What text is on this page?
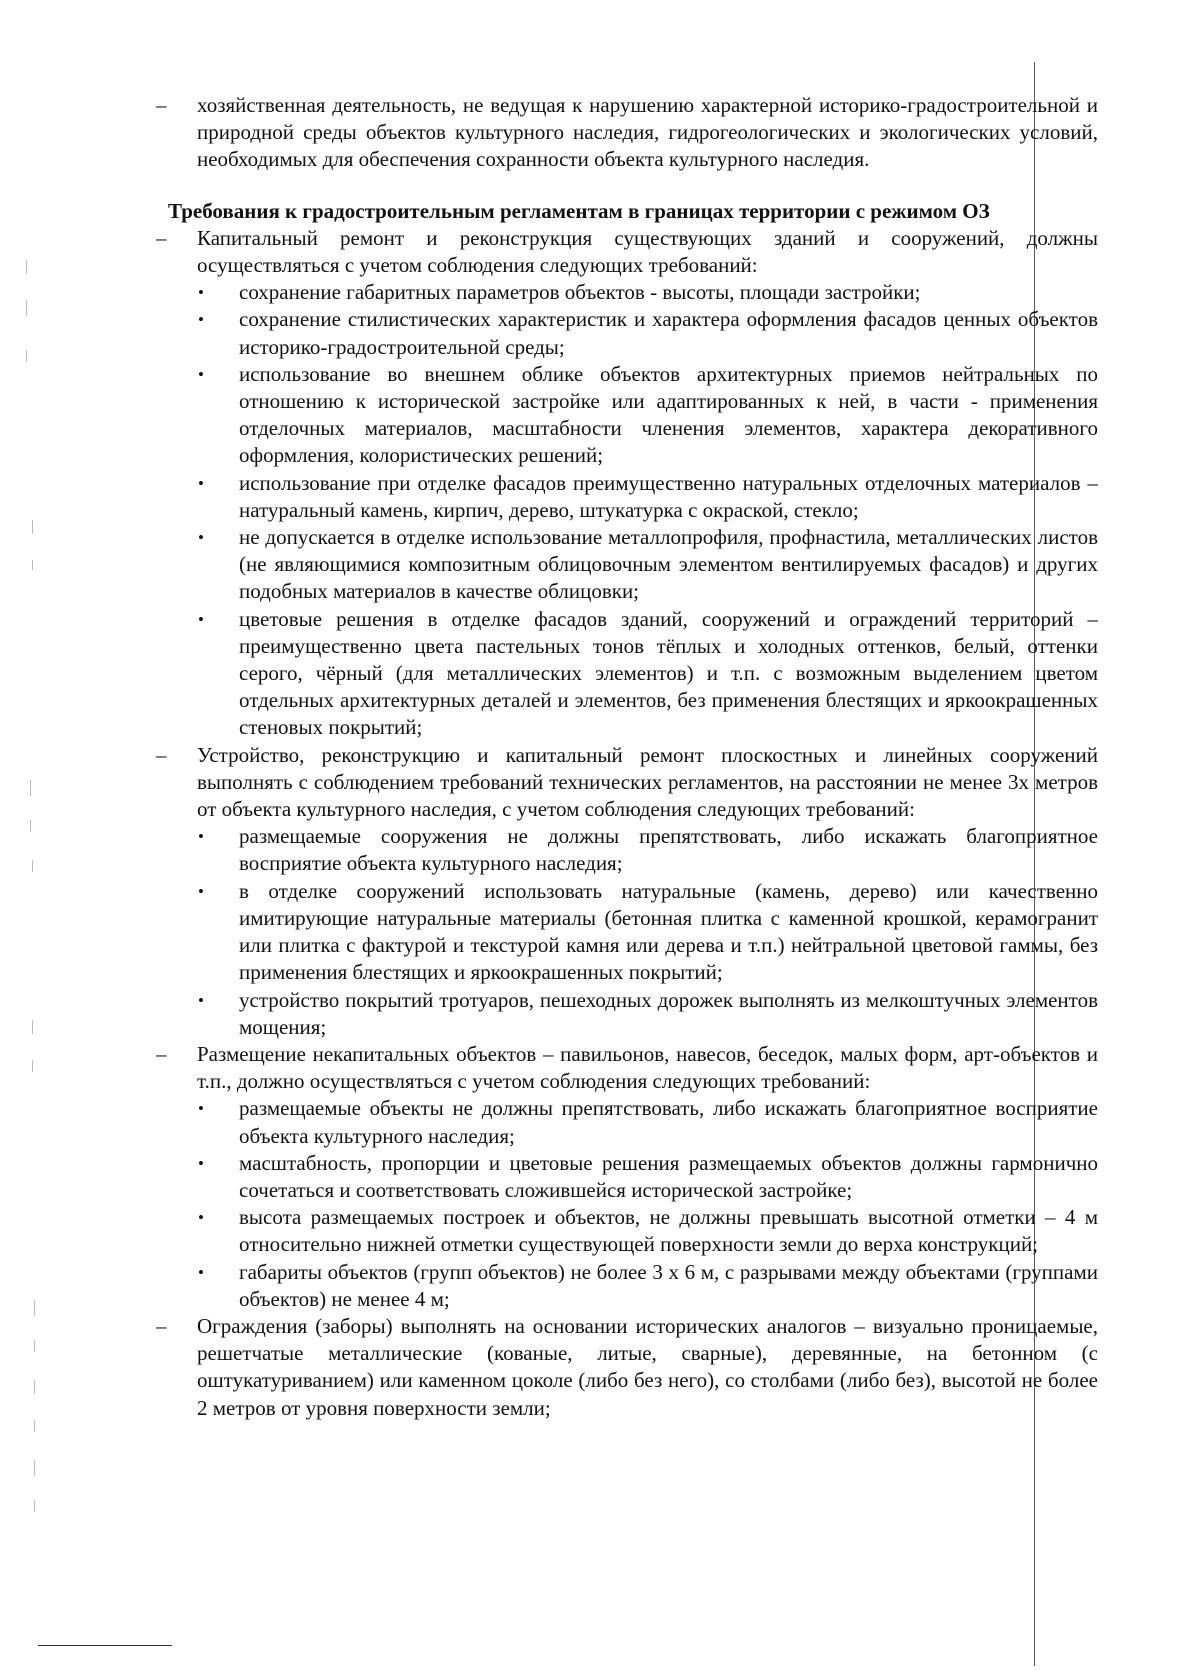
– хозяйственная деятельность, не ведущая к нарушению характерной историко-градостроительной и природной среды объектов культурного наследия, гидрогеологических и экологических условий, необходимых для обеспечения сохранности объекта культурного наследия.
Требования к градостроительным регламентам в границах территории с режимом ОЗ
– Капитальный ремонт и реконструкция существующих зданий и сооружений, должны осуществляться с учетом соблюдения следующих требований:
• сохранение габаритных параметров объектов - высоты, площади застройки;
• сохранение стилистических характеристик и характера оформления фасадов ценных объектов историко-градостроительной среды;
• использование во внешнем облике объектов архитектурных приемов нейтральных по отношению к исторической застройке или адаптированных к ней, в части - применения отделочных материалов, масштабности членения элементов, характера декоративного оформления, колористических решений;
• использование при отделке фасадов преимущественно натуральных отделочных материалов – натуральный камень, кирпич, дерево, штукатурка с окраской, стекло;
• не допускается в отделке использование металлопрофиля, профнастила, металлических листов (не являющимися композитным облицовочным элементом вентилируемых фасадов) и других подобных материалов в качестве облицовки;
• цветовые решения в отделке фасадов зданий, сооружений и ограждений территорий – преимущественно цвета пастельных тонов тёплых и холодных оттенков, белый, оттенки серого, чёрный (для металлических элементов) и т.п. с возможным выделением цветом отдельных архитектурных деталей и элементов, без применения блестящих и яркоокрашенных стеновых покрытий;
– Устройство, реконструкцию и капитальный ремонт плоскостных и линейных сооружений выполнять с соблюдением требований технических регламентов, на расстоянии не менее 3х метров от объекта культурного наследия, с учетом соблюдения следующих требований:
• размещаемые сооружения не должны препятствовать, либо искажать благоприятное восприятие объекта культурного наследия;
• в отделке сооружений использовать натуральные (камень, дерево) или качественно имитирующие натуральные материалы (бетонная плитка с каменной крошкой, керамогранит или плитка с фактурой и текстурой камня или дерева и т.п.) нейтральной цветовой гаммы, без применения блестящих и яркоокрашенных покрытий;
• устройство покрытий тротуаров, пешеходных дорожек выполнять из мелкоштучных элементов мощения;
– Размещение некапитальных объектов – павильонов, навесов, беседок, малых форм, арт-объектов и т.п., должно осуществляться с учетом соблюдения следующих требований:
• размещаемые объекты не должны препятствовать, либо искажать благоприятное восприятие объекта культурного наследия;
• масштабность, пропорции и цветовые решения размещаемых объектов должны гармонично сочетаться и соответствовать сложившейся исторической застройке;
• высота размещаемых построек и объектов, не должны превышать высотной отметки – 4 м относительно нижней отметки существующей поверхности земли до верха конструкций;
• габариты объектов (групп объектов) не более 3 х 6 м, с разрывами между объектами (группами объектов) не менее 4 м;
– Ограждения (заборы) выполнять на основании исторических аналогов – визуально проницаемые, решетчатые металлические (кованые, литые, сварные), деревянные, на бетонном (с оштукатуриванием) или каменном цоколе (либо без него), со столбами (либо без), высотой не более 2 метров от уровня поверхности земли;
